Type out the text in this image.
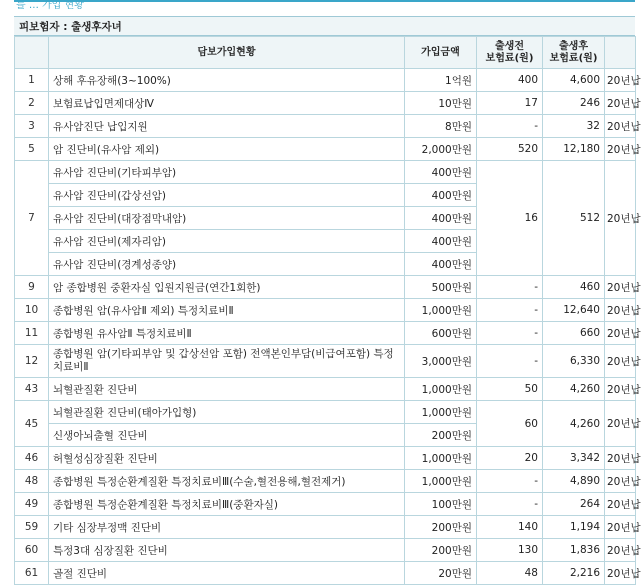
를 … 가입 현황
피보험자 : 출생후자녀
	담보가입현황	가입금액	출생전
보험료(원)	출생후
보험료(원)	
1	상해 후유장해(3~100%)	1억원	400	4,600	20년납
2	보험료납입면제대상Ⅳ	10만원	17	246	20년납
3	유사암진단 납입지원	8만원	-	32	20년납
5	암 진단비(유사암 제외)	2,000만원	520	12,180	20년납
7	유사암 진단비(기타피부암)	400만원	16	512	20년납
	유사암 진단비(갑상선암)	400만원			
	유사암 진단비(대장점막내암)	400만원			
	유사암 진단비(제자리암)	400만원			
	유사암 진단비(경계성종양)	400만원			
9	암 종합병원 중환자실 입원지원금(연간1회한)	500만원	-	460	20년납
10	종합병원 암(유사암Ⅱ 제외) 특정치료비Ⅱ	1,000만원	-	12,640	20년납
11	종합병원 유사암Ⅱ 특정치료비Ⅱ	600만원	-	660	20년납
12	종합병원 암(기타피부암 및 갑상선암 포함) 전액본인부담(비급여포함) 특정치료비Ⅱ	3,000만원	-	6,330	20년납
43	뇌혈관질환 진단비	1,000만원	50	4,260	20년납
45	뇌혈관질환 진단비(태아가입형)	1,000만원	60	4,260	20년납
	신생아뇌출혈 진단비	200만원			
46	허혈성심장질환 진단비	1,000만원	20	3,342	20년납
48	종합병원 특정순환계질환 특정치료비Ⅲ(수술,혈전용해,혈전제거)	1,000만원	-	4,890	20년납
49	종합병원 특정순환계질환 특정치료비Ⅲ(중환자실)	100만원	-	264	20년납
59	기타 심장부정맥 진단비	200만원	140	1,194	20년납
60	특정3대 심장질환 진단비	200만원	130	1,836	20년납
61	골절 진단비	20만원	48	2,216	20년납
